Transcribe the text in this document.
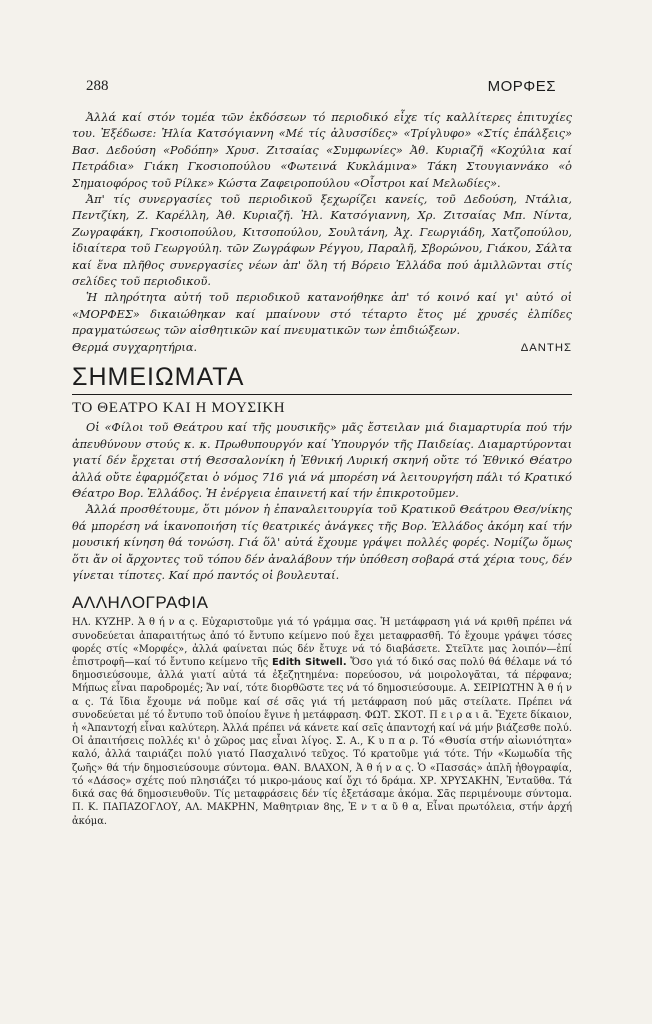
288	ΜΟΡΦΕΣ

Ἀλλά καί στόν τομέα τῶν ἐκδόσεων τό περιοδικό εἶχε τίς καλλίτερες ἐπιτυχίες του. Ἐξέδωσε: Ἠλία Κατσόγιαννη «Μέ τίς ἀλυσσίδες» «Τρίγλυφο» «Στίς ἐπάλξεις» Βασ. Δεδούση «Ροδόπη» Χρυσ. Ζιτσαίας «Συμφωνίες» Ἀθ. Κυριαζῆ «Κοχύλια καί Πετράδια» Γιάκη Γκοσιοπούλου «Φωτεινά Κυκλάμινα» Τάκη Στουγιαννάκο «ὁ Σημαιοφόρος τοῦ Ρίλκε» Κώστα Ζαφειροπούλου «Οἶστροι καί Μελωδίες».

Ἀπ' τίς συνεργασίες τοῦ περιοδικοῦ ξεχωρίζει κανείς, τοῦ Δεδούση, Ντάλια, Πεντζίκη, Ζ. Καρέλλη, Ἀθ. Κυριαζῆ. Ἠλ. Κατσόγιαννη, Χρ. Ζιτσαίας Μπ. Νίντα, Ζωγραφάκη, Γκοσιοπούλου, Κιτσοπούλου, Σουλτάνη, Ἀχ. Γεωργιάδη, Χατζοπούλου, ἰδιαίτερα τοῦ Γεωργούλη. τῶν Ζωγράφων Ρέγγου, Παραλῆ, Σβορώνου, Γιάκου, Σάλτα καί ἕνα πλῆθος συνεργασίες νέων ἀπ' ὅλη τή Βόρειο Ἑλλάδα πού ἁμιλλῶνται στίς σελίδες τοῦ περιοδικοῦ.

Ἡ πληρότητα αὐτή τοῦ περιοδικοῦ κατανοήθηκε ἀπ' τό κοινό καί γι' αὐτό οἱ «ΜΟΡΦΕΣ» δικαιώθηκαν καί μπαίνουν στό τέταρτο ἔτος μέ χρυσές ἐλπίδες πραγματώσεως τῶν αἰσθητικῶν καί πνευματικῶν των ἐπιδιώξεων.

Θερμά συγχαρητήρια.	ΔΑΝΤΗΣ
ΣΗΜΕΙΩΜΑΤΑ
ΤΟ ΘΕΑΤΡΟ ΚΑΙ Η ΜΟΥΣΙΚΗ

Οἱ «Φίλοι τοῦ Θεάτρου καί τῆς μουσικῆς» μᾶς ἔστειλαν μιά διαμαρτυρία πού τήν ἀπευθύνουν στούς κ. κ. Πρωθυπουργόν καί Ὑπουργόν τῆς Παιδείας. Διαμαρτύρονται γιατί δέν ἔρχεται στή Θεσσαλονίκη ἡ Ἐθνική Λυρική σκηνή οὔτε τό Ἐθνικό Θέατρο ἀλλά οὔτε ἐφαρμόζεται ὁ νόμος 716 γιά νά μπορέση νά λειτουργήση πάλι τό Κρατικό Θέατρο Βορ. Ἑλλάδος. Ἡ ἐνέργεια ἐπαινετή καί τήν ἐπικροτοῦμεν.

Ἀλλά προσθέτουμε, ὅτι μόνον ἡ ἐπαναλειτουργία τοῦ Κρατικοῦ Θεάτρου Θεσ/νίκης θά μπορέση νά ἱκανοποιήση τίς θεατρικές ἀνάγκες τῆς Βορ. Ἑλλάδος ἀκόμη καί τήν μουσική κίνηση θά τονώση. Γιά ὅλ' αὐτά ἔχουμε γράψει πολλές φορές. Νομίζω ὅμως ὅτι ἄν οἱ ἄρχοντες τοῦ τόπου δέν ἀναλάβουν τήν ὑπόθεση σοβαρά στά χέρια τους, δέν γίνεται τίποτες. Καί πρό παντός οἱ βουλευταί.

ΑΛΛΗΛΟΓΡΑΦΙΑ

ΗΛ. ΚΥΖΗΡ. Ἀ θ ή ν α ς. Εὐχαριστοῦμε γιά τό γράμμα σας. Ἡ μετάφραση γιά νά κριθῆ πρέπει νά συνοδεύεται ἀπαραιτήτως ἀπό τό ἔντυπο κείμενο πού ἔχει μεταφρασθῆ. Τό ἔχουμε γράψει τόσες φορές στίς «Μορφές», ἀλλά φαίνεται πώς δέν ἔτυχε νά τό διαβάσετε. Στεῖλτε μας λοιπόν—ἐπί ἐπιστροφῆ—καί τό ἔντυπο κείμενο τῆς Edith Sitwell. Ὅσο γιά τό δικό σας πολύ θά θέλαμε νά τό δημοσιεύσουμε, ἀλλά γιατί αὐτά τά ἐξεζητημένα: πορεύοσου, νά μοιρολογᾶται, τά πέρφανα; Μήπως εἶναι παροδρομές; Ἄν ναί, τότε διορθῶστε τες νά τό δημοσιεύσουμε. Α. ΣΕΙΡΙΩΤΗΝ Ἀ θ ή ν α ς. Τά ἴδια ἔχουμε νά ποῦμε καί σέ σᾶς γιά τή μετάφραση πού μᾶς στείλατε. Πρέπει νά συνοδεύεται μέ τό ἔντυπο τοῦ ὁποίου ἔγινε ἡ μετάφραση. ΦΩΤ. ΣΚΟΤ. Π ε ι ρ α ι ᾶ. Ἔχετε δίκαιον, ἡ «Ἀπαντοχή εἶναι καλύτερη. Ἀλλά πρέπει νά κάνετε καί σεῖς ἀπαντοχή καί νά μήν βιάζεσθε πολύ. Οἱ ἀπαιτήσεις πολλές κι' ὁ χῶρος μας εἶναι λίγος. Σ. Α., Κ υ π α ρ. Τό «Θυσία στήν αἰωνιότητα» καλό, ἀλλά ταιριάζει πολύ γιατό Πασχαλινό τεῦχος. Τό κρατοῦμε γιά τότε. Τήν «Κωμωδία τῆς ζωῆς» θά τήν δημοσιεύσουμε σύντομα. ΘΑΝ. ΒΛΑΧΟΝ, Ἀ θ ή ν α ς. Ὁ «Πασσάς» ἀπλῆ ἠθογραφία, τό «Δάσος» σχέτς πού πλησιάζει τό μικρο-μάους καί ὄχι τό δράμα. ΧΡ. ΧΡΥΣΑΚΗΝ, Ἐνταῦθα. Τά δικά σας θά δημοσιευθοῦν. Τίς μεταφράσεις δέν τίς ἐξετάσαμε ἀκόμα. Σᾶς περιμένουμε σύντομα. Π. Κ. ΠΑΠΑΖΟΓΛΟΥ, ΑΛ. ΜΑΚΡΗΝ, Μαθητριαν 8ης, Ἐ ν τ α ῦ θ α, Εἶναι πρωτόλεια, στήν ἀρχή ἀκόμα.
